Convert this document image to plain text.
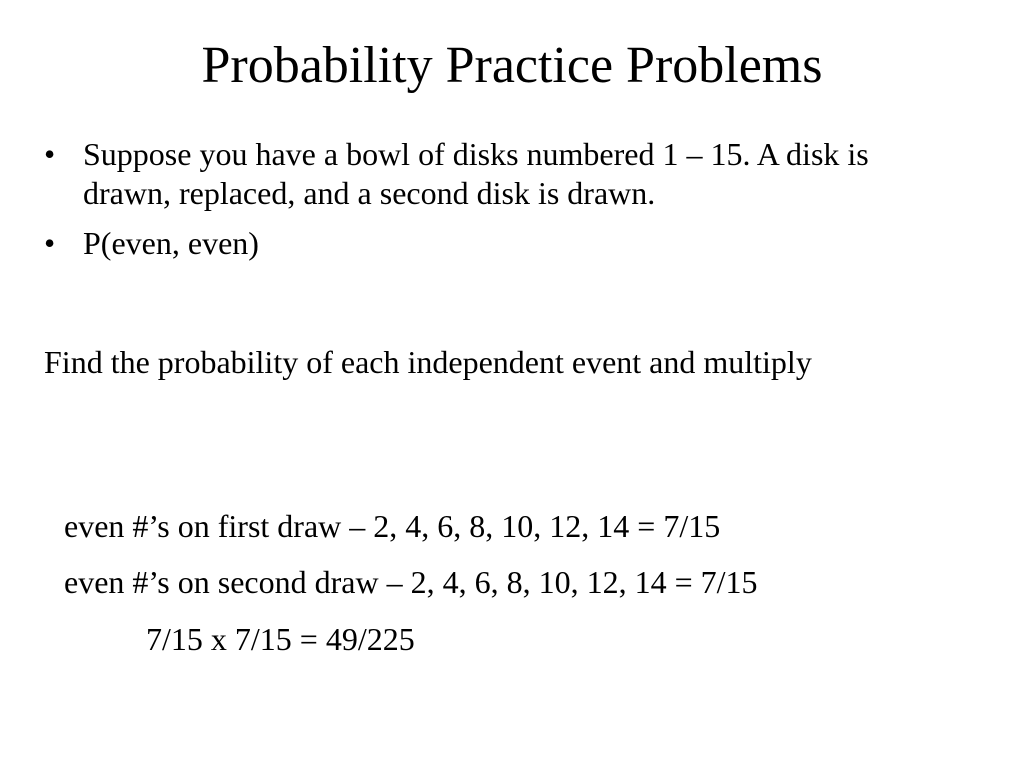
Probability Practice Problems
• Suppose you have a bowl of disks numbered 1 – 15. A disk is drawn, replaced, and a second disk is drawn.
• P(even, even)

Find the probability of each independent event and multiply

even #’s on first draw – 2, 4, 6, 8, 10, 12, 14 = 7/15

even #’s on second draw – 2, 4, 6, 8, 10, 12, 14 = 7/15

7/15 x 7/15 = 49/225
